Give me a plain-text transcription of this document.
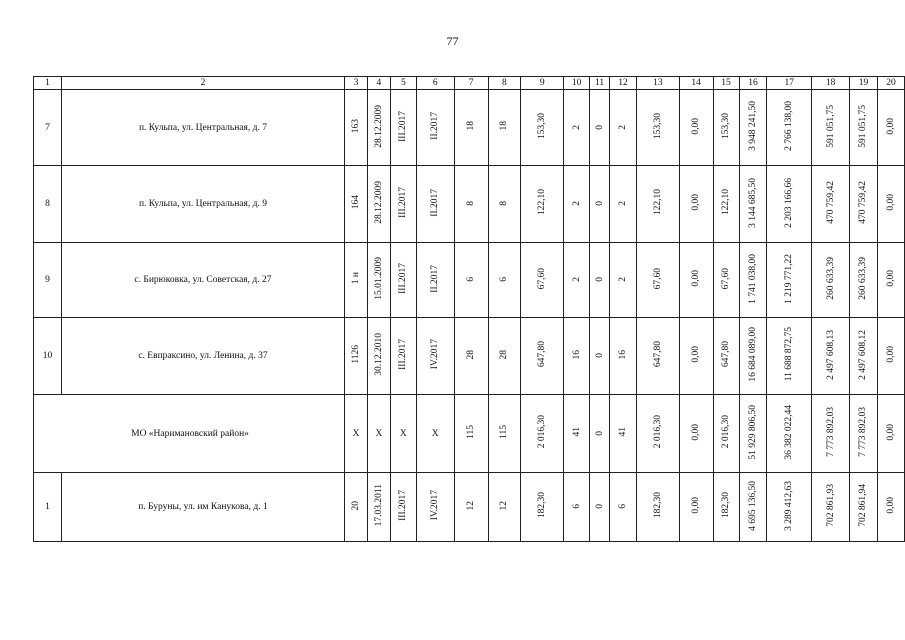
77
1	2	3	4	5	6	7	8	9	10	11	12	13	14	15	16	17	18	19	20
7	п. Кульпа, ул. Центральная, д. 7	163	28.12.2009	III.2017	II.2017	18	18	153,30	2	0	2	153,30	0,00	153,30	3 948 241,50	2 766 138,00	591 051,75	591 051,75	0,00
8	п. Кульпа, ул. Центральная, д. 9	164	28.12.2009	III.2017	II.2017	8	8	122,10	2	0	2	122,10	0,00	122,10	3 144 685,50	2 203 166,66	470 759,42	470 759,42	0,00
9	с. Бирюковка, ул. Советская, д. 27	1 н	15.01.2009	III.2017	II.2017	6	6	67,60	2	0	2	67,60	0,00	67,60	1 741 038,00	1 219 771,22	260 633,39	260 633,39	0,00
10	с. Евпраксино, ул. Ленина, д. 37	1126	30.12.2010	III.2017	IV.2017	28	28	647,80	16	0	16	647,80	0,00	647,80	16 684 089,00	11 688 872,75	2 497 608,13	2 497 608,12	0,00
МО «Наримановский район»		Х	Х	Х	Х	115	115	2 016,30	41	0	41	2 016,30	0,00	2 016,30	51 929 806,50	36 382 022,44	7 773 892,03	7 773 892,03	0,00
1	п. Буруны, ул. им Канукова, д. 1	20	17.03.2011	III.2017	IV.2017	12	12	182,30	6	0	6	182,30	0,00	182,30	4 695 136,50	3 289 412,63	702 861,93	702 861,94	0,00
